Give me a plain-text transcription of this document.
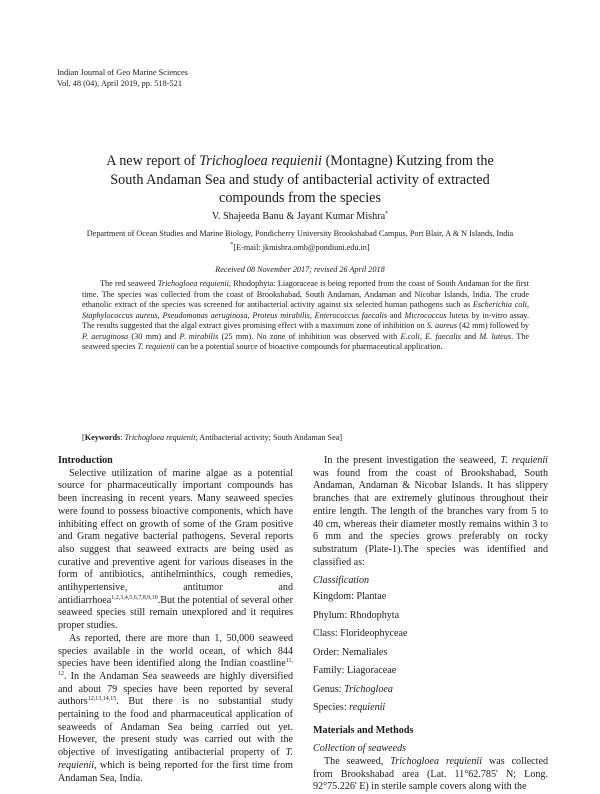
Indian Journal of Geo Marine Sciences
Vol. 48 (04), April 2019, pp. 518-521
A new report of Trichogloea requienii (Montagne) Kutzing from the
South Andaman Sea and study of antibacterial activity of extracted
compounds from the species
V. Shajeeda Banu & Jayant Kumar Mishra*
Department of Ocean Studies and Marine Biology, Pondicherry University Brookshabad Campus, Port Blair, A & N Islands, India
*[E-mail: jkmishra.omb@pondiuni.edu.in]
Received 08 November 2017; revised 26 April 2018

The red seaweed Trichogloea requienii, Rhodophyta: Liagoraceae is being reported from the coast of South Andaman for the first time. The species was collected from the coast of Brookshabad, South Andaman, Andaman and Nicobar Islands, India. The crude ethanolic extract of the species was screened for antibacterial activity against six selected human pathogens such as Escherichia coli, Staphylococcus aureus, Pseudomonas aeruginosa, Proteus mirabilis, Enterococcus faecalis and Micrococcus luteus by in-vitro assay. The results suggested that the algal extract gives promising effect with a maximum zone of inhibition on S. aureus (42 mm) followed by P. aeruginosa (30 mm) and P. mirabilis (25 mm). No zone of inhibition was observed with E.coli, E. faecalis and M. luteus. The seaweed species T. requienii can be a potential source of bioactive compounds for pharmaceutical application.

[Keywords: Trichogloea requienii; Antibacterial activity; South Andaman Sea]
Introduction

Selective utilization of marine algae as a potential source for pharmaceutically important compounds has been increasing in recent years. Many seaweed species were found to possess bioactive components, which have inhibiting effect on growth of some of the Gram positive and Gram negative bacterial pathogens. Several reports also suggest that seaweed extracts are being used as curative and preventive agent for various diseases in the form of antibiotics, antihelminthics, cough remedies, antihypertensive, antitumor and antidiarrhoea$^{1,2,3,4,5,6,7,8,9,10}$.But the potential of several other seaweed species still remain unexplored and it requires proper studies.

As reported, there are more than 1, 50,000 seaweed species available in the world ocean, of which 844 species have been identified along the Indian coastline$^{11, 12}$. In the Andaman Sea seaweeds are highly diversified and about 79 species have been reported by several authors$^{12,13,14,15}$. But there is no substantial study pertaining to the food and pharmaceutical application of seaweeds of Andaman Sea being carried out yet. However, the present study was carried out with the objective of investigating antibacterial property of T. requienii, which is being reported for the first time from Andaman Sea, India.

In the present investigation the seaweed, T. requienii was found from the coast of Brookshabad, South Andaman, Andaman & Nicobar Islands. It has slippery branches that are extremely glutinous throughout their entire length. The length of the branches vary from 5 to 40 cm, whereas their diameter mostly remains within 3 to 6 mm and the species grows preferably on rocky substratum (Plate-1).The species was identified and classified as:

Classification

Kingdom: Plantae
Phylum: Rhodophyta
Class: Florideophyceae
Order: Nemaliales
Family: Liagoraceae
Genus: Trichogloea
Species: requienii
Materials and Methods

Collection of seaweeds

The seaweed, Trichogloea requienii was collected from Brookshabad area (Lat. 11°62.785' N; Long. 92°75.226' E) in sterile sample covers along with the
